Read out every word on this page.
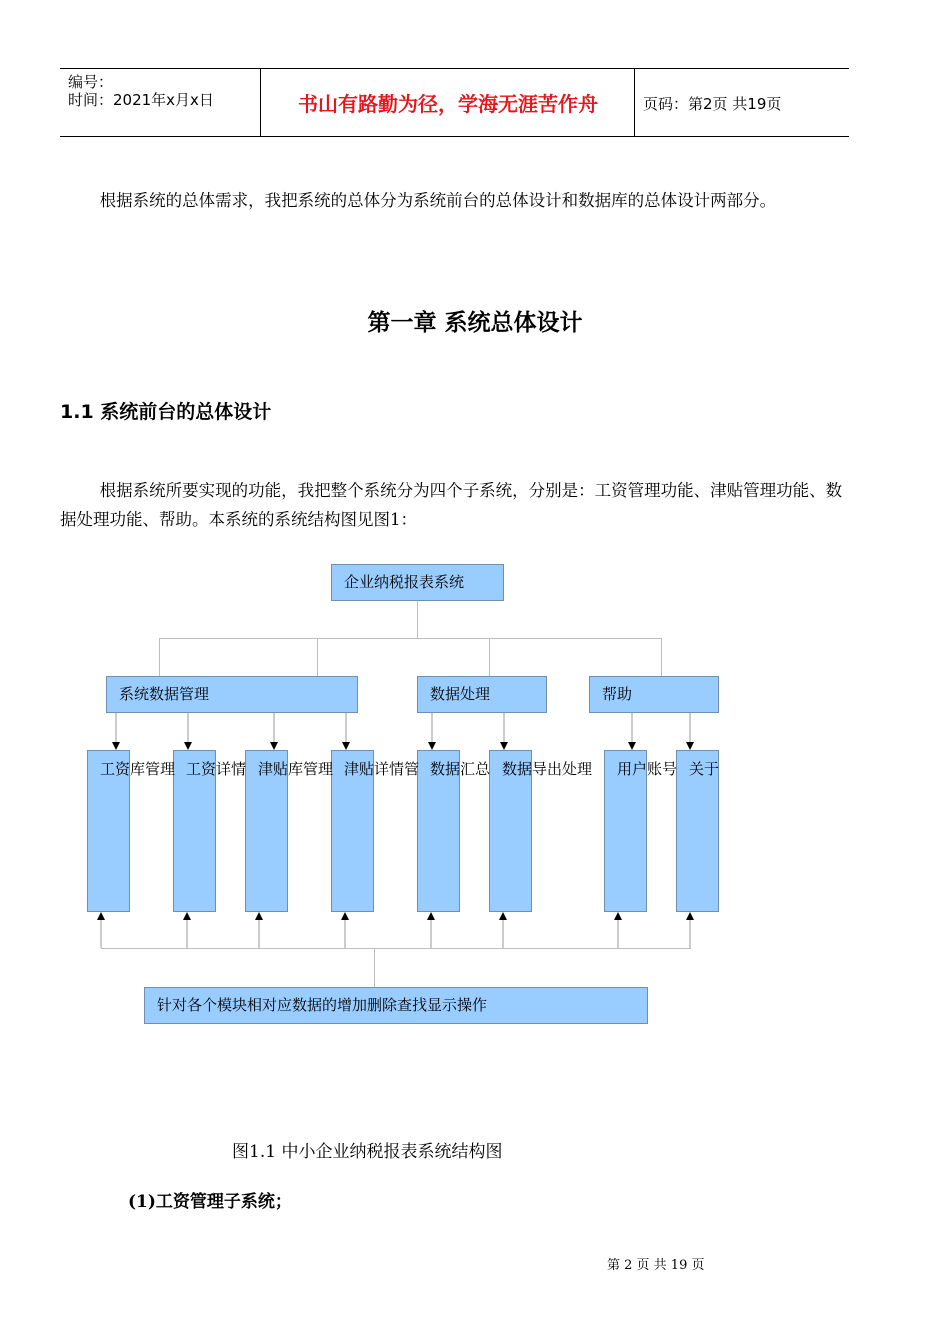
编号：
时间：2021年x月x日	书山有路勤为径，学海无涯苦作舟	页码：第2页 共19页
根据系统的总体需求，我把系统的总体分为系统前台的总体设计和数据库的总体设计两部分。
第一章 系统总体设计
1.1 系统前台的总体设计
根据系统所要实现的功能，我把整个系统分为四个子系统，分别是：工资管理功能、津贴管理功能、数据处理功能、帮助。本系统的系统结构图见图1：
企业纳税报表系统
系统数据管理	数据处理	帮助
工资库管理 工资详情 津贴库管理 津贴详情管 数据汇总 数据导出处理 用户账号 关于
针对各个模块相对应数据的增加删除查找显示操作
图1.1 中小企业纳税报表系统结构图
(1)工资管理子系统；
第 2 页 共 19 页
